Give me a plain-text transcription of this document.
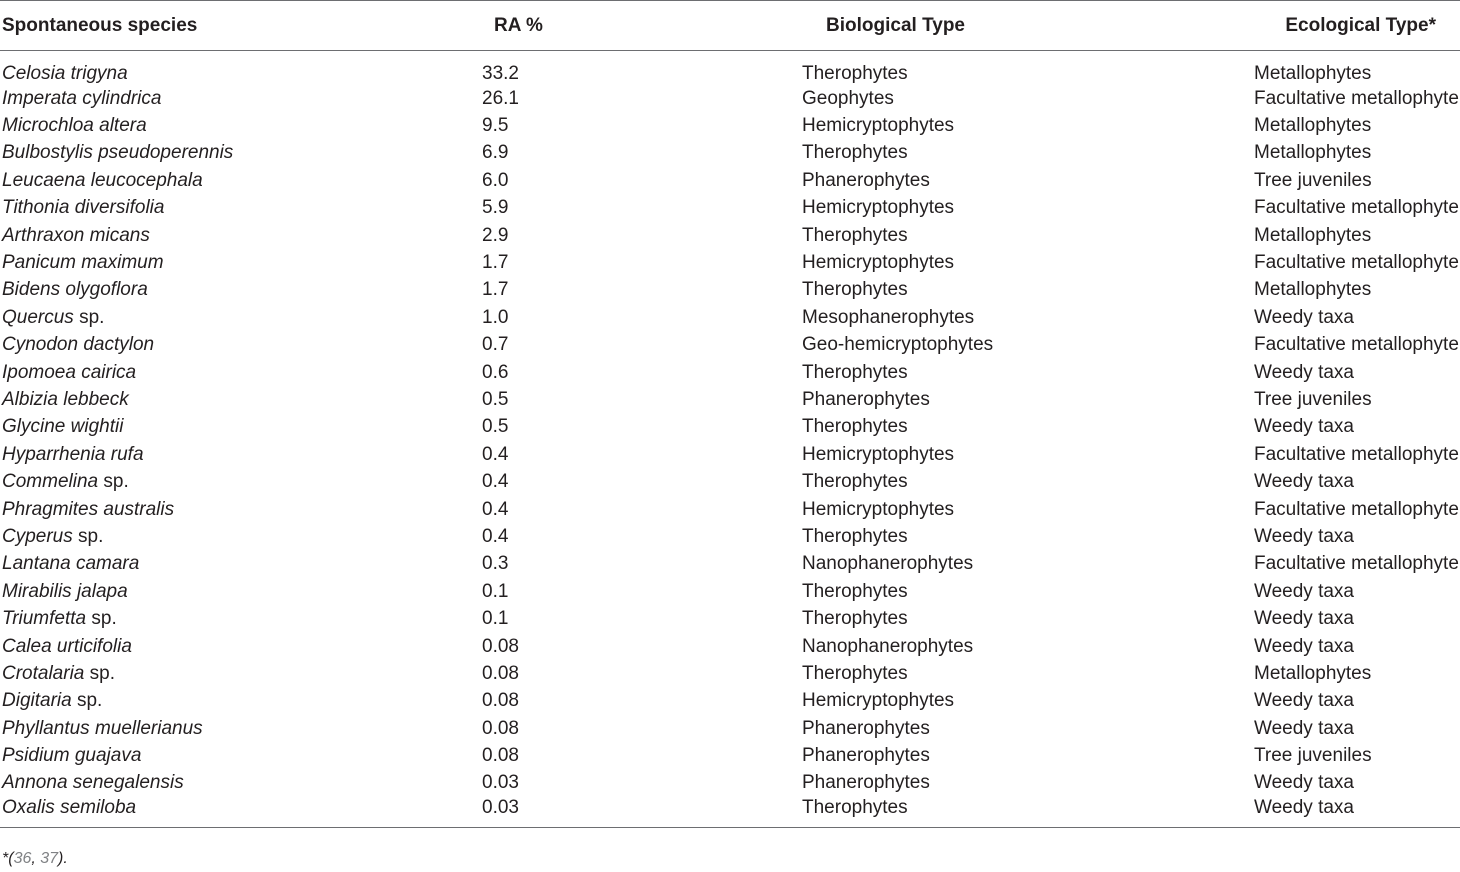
Spontaneous species	RA %	Biological Type	Ecological Type*
Celosia trigyna	33.2	Therophytes	Metallophytes
Imperata cylindrica	26.1	Geophytes	Facultative metallophyte
Microchloa altera	9.5	Hemicryptophytes	Metallophytes
Bulbostylis pseudoperennis	6.9	Therophytes	Metallophytes
Leucaena leucocephala	6.0	Phanerophytes	Tree juveniles
Tithonia diversifolia	5.9	Hemicryptophytes	Facultative metallophyte
Arthraxon micans	2.9	Therophytes	Metallophytes
Panicum maximum	1.7	Hemicryptophytes	Facultative metallophyte
Bidens olygoflora	1.7	Therophytes	Metallophytes
Quercus sp.	1.0	Mesophanerophytes	Weedy taxa
Cynodon dactylon	0.7	Geo-hemicryptophytes	Facultative metallophyte
Ipomoea cairica	0.6	Therophytes	Weedy taxa
Albizia lebbeck	0.5	Phanerophytes	Tree juveniles
Glycine wightii	0.5	Therophytes	Weedy taxa
Hyparrhenia rufa	0.4	Hemicryptophytes	Facultative metallophyte
Commelina sp.	0.4	Therophytes	Weedy taxa
Phragmites australis	0.4	Hemicryptophytes	Facultative metallophyte
Cyperus sp.	0.4	Therophytes	Weedy taxa
Lantana camara	0.3	Nanophanerophytes	Facultative metallophyte
Mirabilis jalapa	0.1	Therophytes	Weedy taxa
Triumfetta sp.	0.1	Therophytes	Weedy taxa
Calea urticifolia	0.08	Nanophanerophytes	Weedy taxa
Crotalaria sp.	0.08	Therophytes	Metallophytes
Digitaria sp.	0.08	Hemicryptophytes	Weedy taxa
Phyllantus muellerianus	0.08	Phanerophytes	Weedy taxa
Psidium guajava	0.08	Phanerophytes	Tree juveniles
Annona senegalensis	0.03	Phanerophytes	Weedy taxa
Oxalis semiloba	0.03	Therophytes	Weedy taxa
*(36, 37).
